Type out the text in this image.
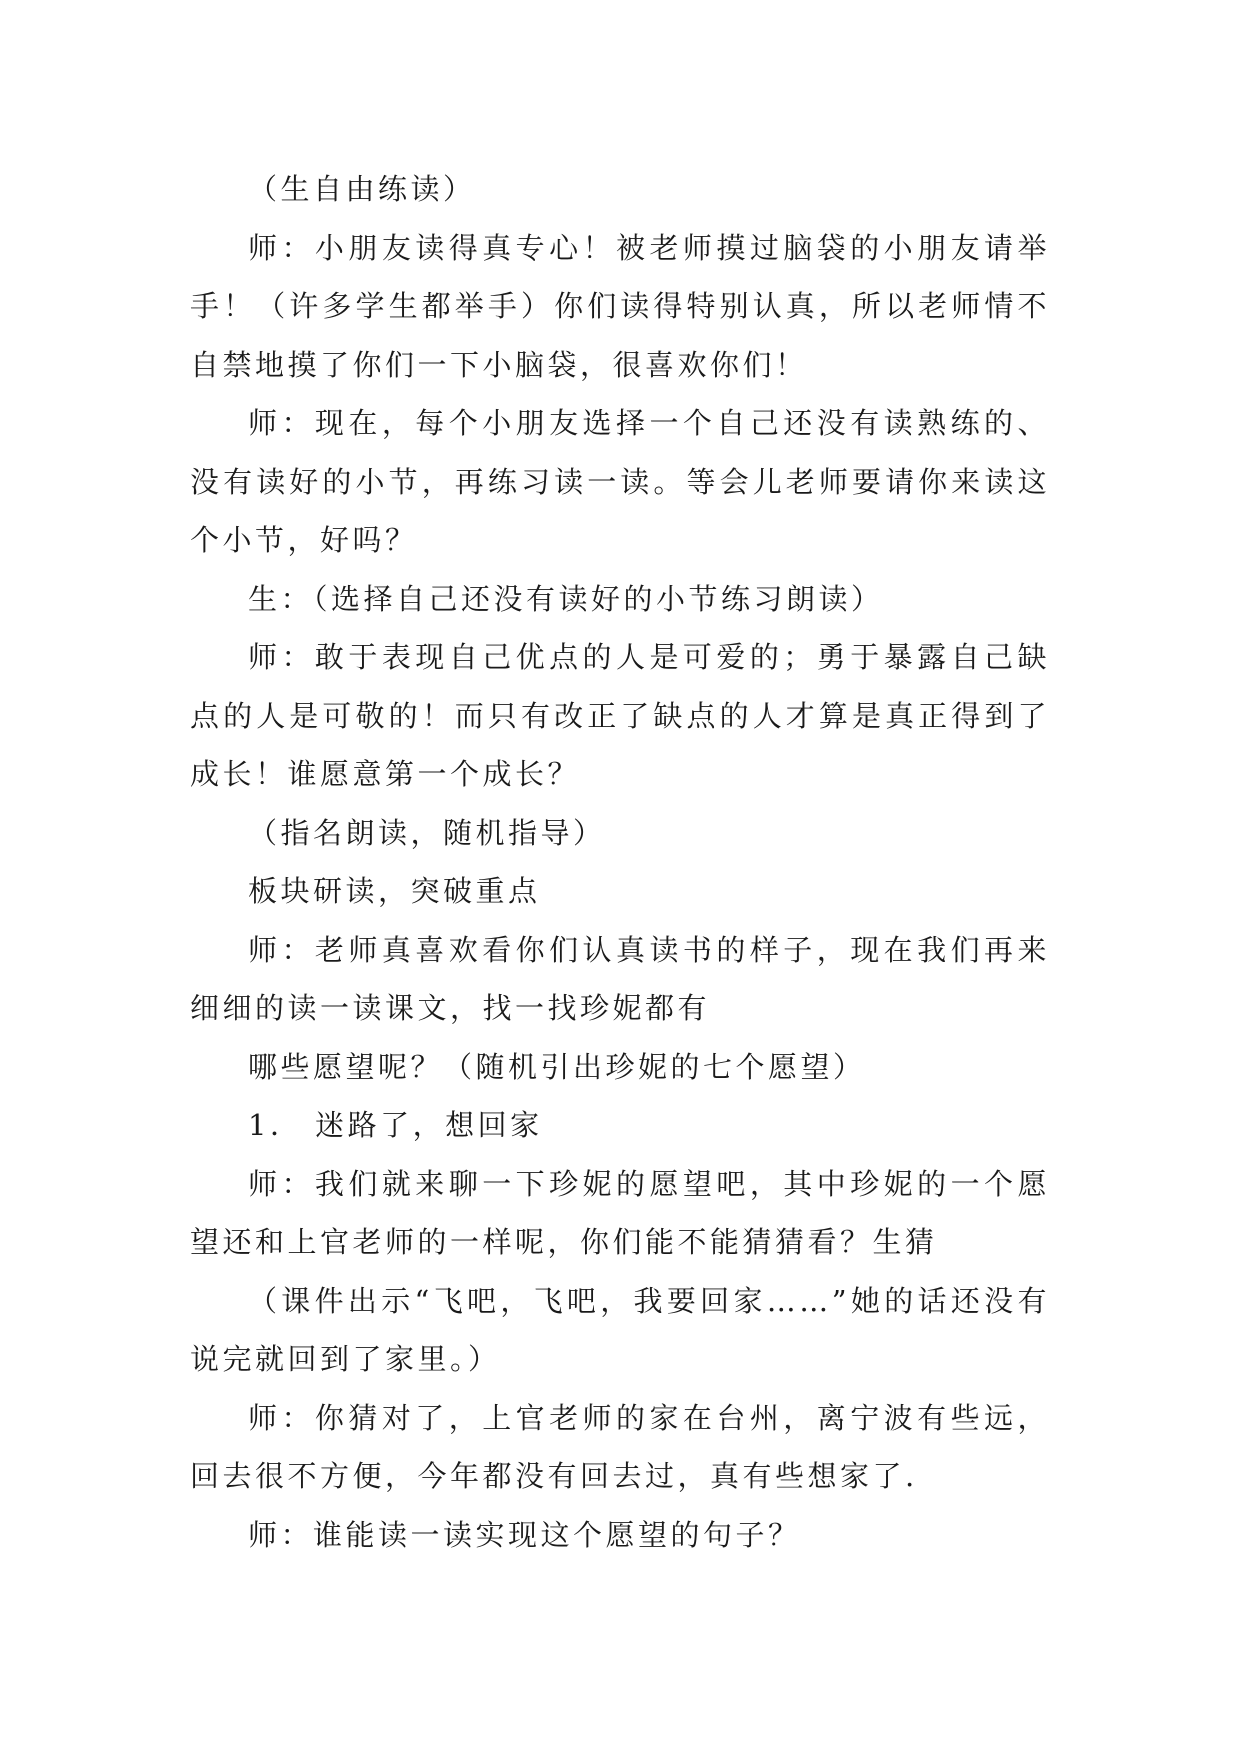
（生自由练读）

师：小朋友读得真专心！被老师摸过脑袋的小朋友请举手！（许多学生都举手）你们读得特别认真，所以老师情不自禁地摸了你们一下小脑袋，很喜欢你们！

师：现在，每个小朋友选择一个自己还没有读熟练的、没有读好的小节，再练习读一读。等会儿老师要请你来读这个小节，好吗？

生：（选择自己还没有读好的小节练习朗读）

师：敢于表现自己优点的人是可爱的；勇于暴露自己缺点的人是可敬的！而只有改正了缺点的人才算是真正得到了成长！谁愿意第一个成长？

（指名朗读，随机指导）

板块研读，突破重点

师：老师真喜欢看你们认真读书的样子，现在我们再来细细的读一读课文，找一找珍妮都有

哪些愿望呢？（随机引出珍妮的七个愿望）

1． 迷路了，想回家

师：我们就来聊一下珍妮的愿望吧，其中珍妮的一个愿望还和上官老师的一样呢，你们能不能猜猜看？生猜

（课件出示“飞吧，飞吧，我要回家……”她的话还没有说完就回到了家里。）

师：你猜对了，上官老师的家在台州，离宁波有些远，回去很不方便，今年都没有回去过，真有些想家了.

师：谁能读一读实现这个愿望的句子？
